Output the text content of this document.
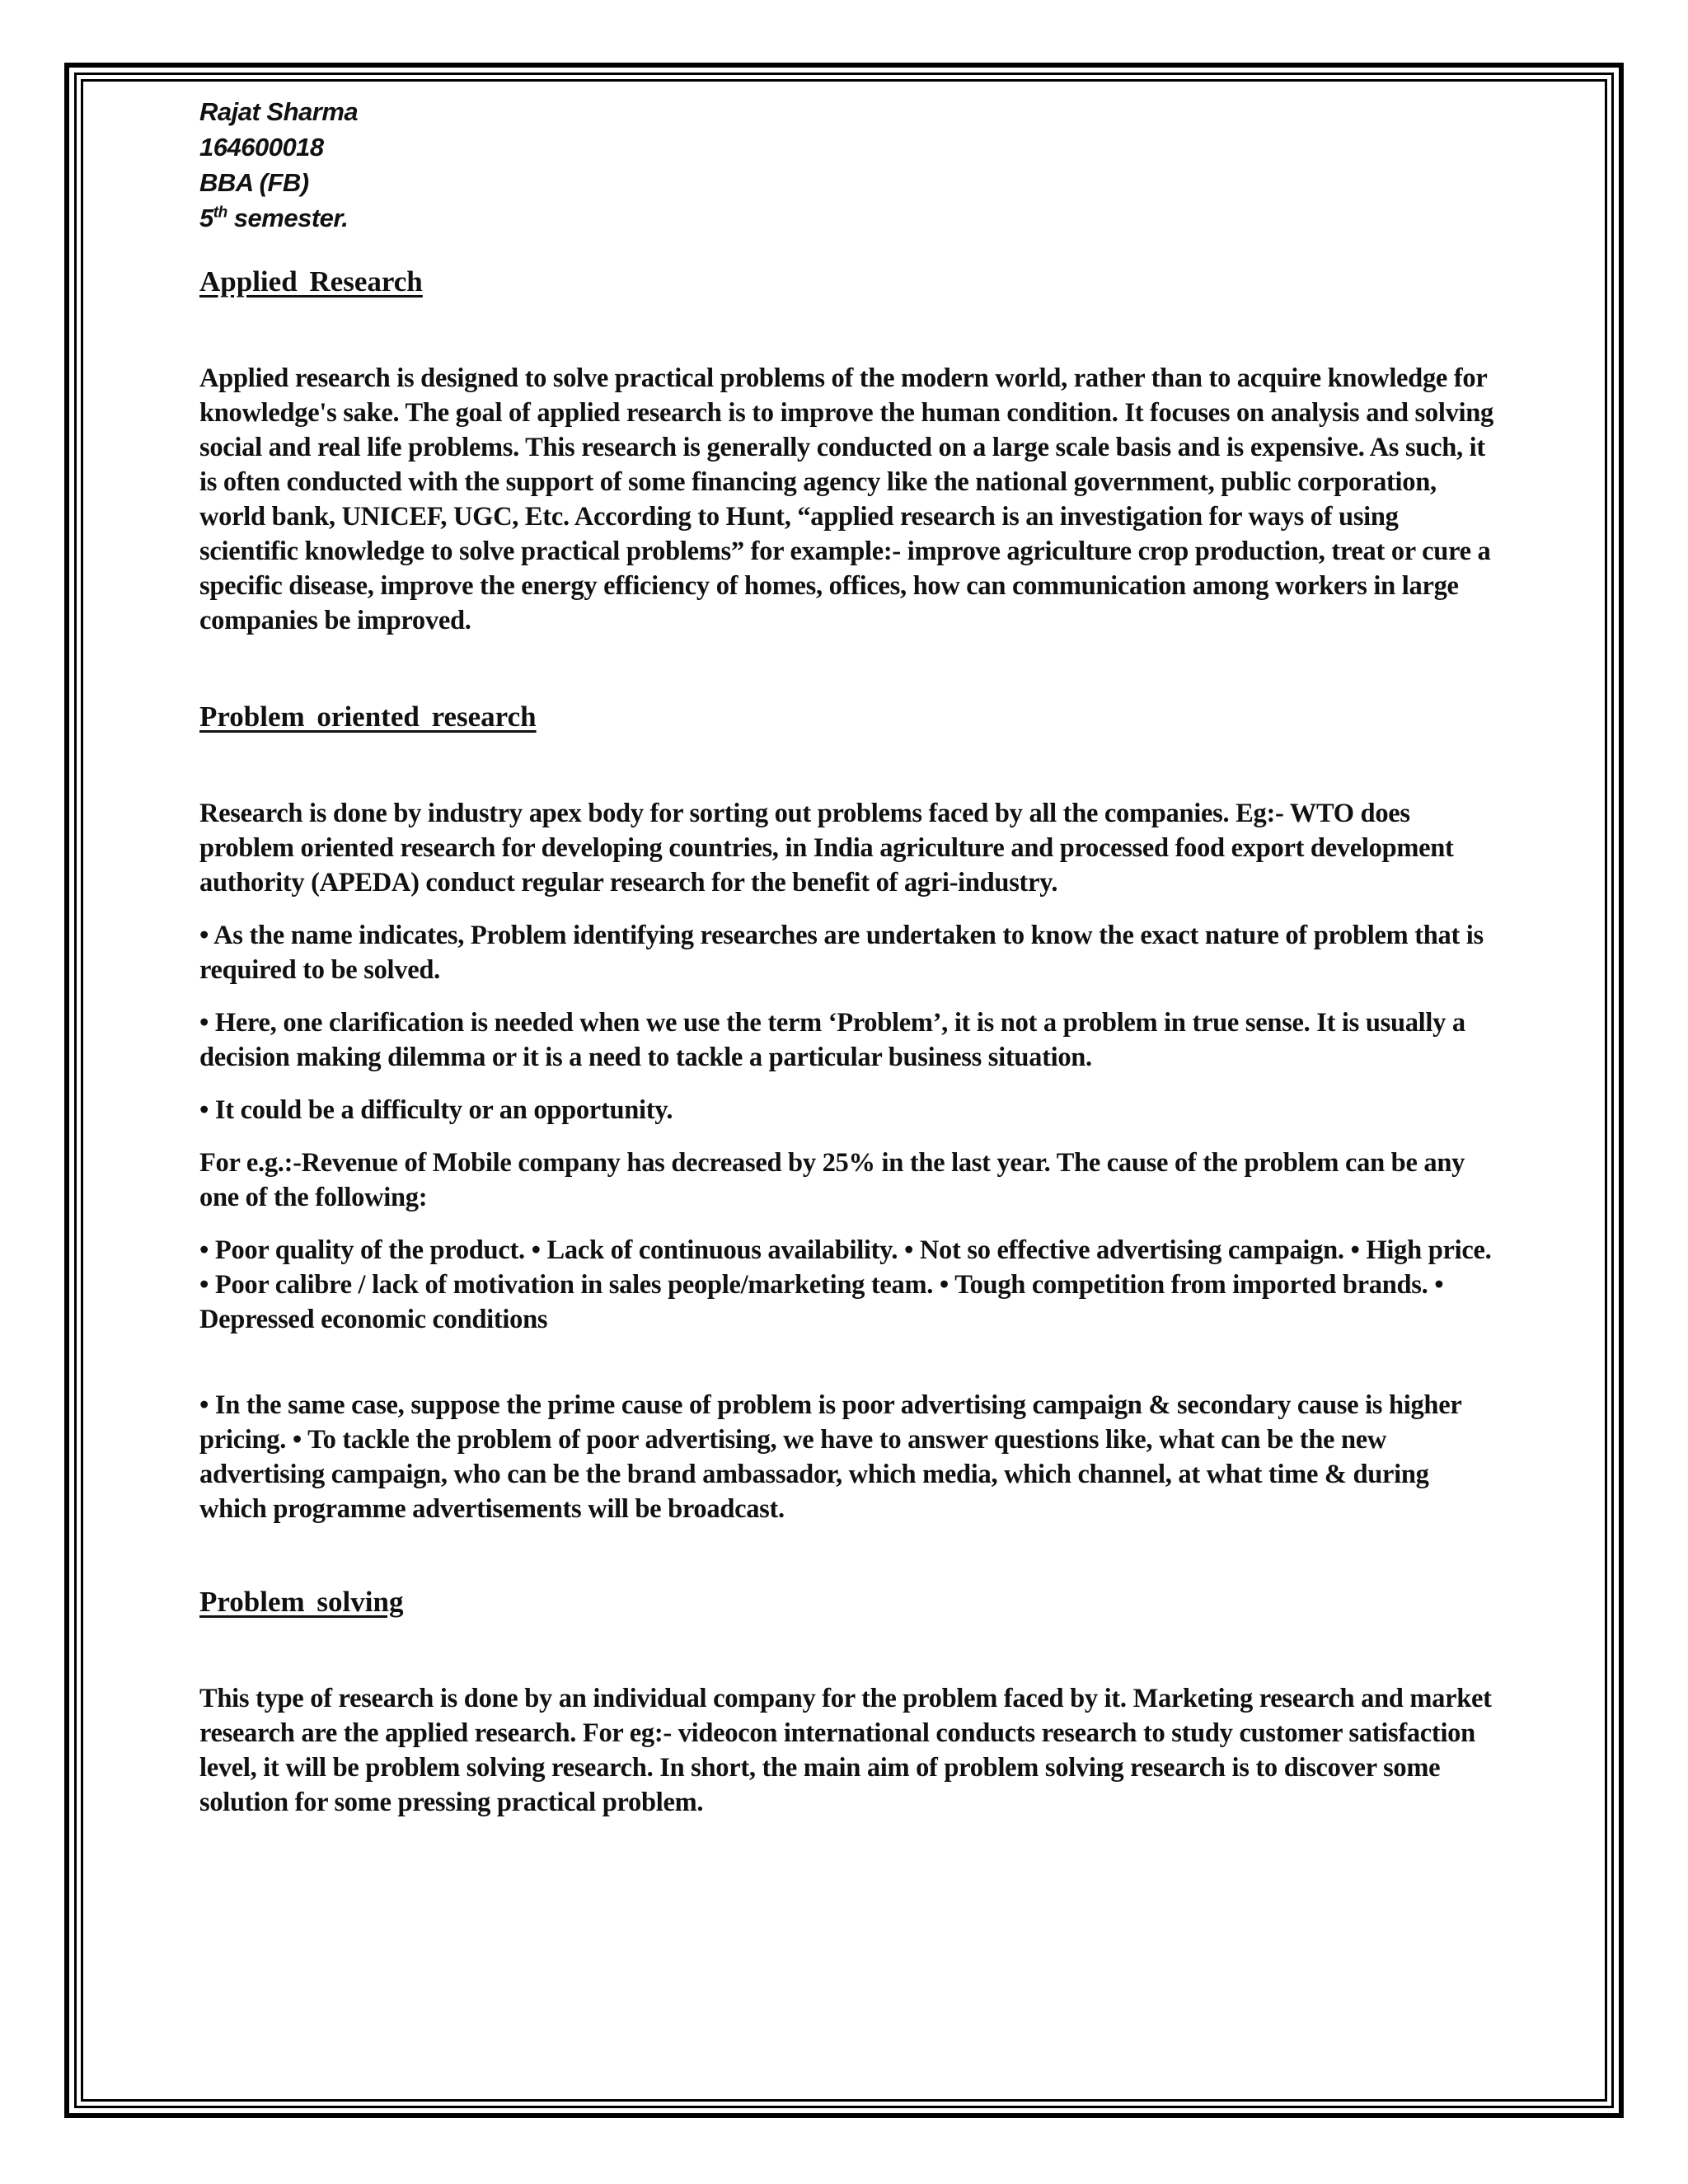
Rajat Sharma
164600018
BBA (FB)
5th semester.
Applied Research

Applied research is designed to solve practical problems of the modern world, rather than to acquire knowledge for knowledge's sake. The goal of applied research is to improve the human condition. It focuses on analysis and solving social and real life problems. This research is generally conducted on a large scale basis and is expensive. As such, it is often conducted with the support of some financing agency like the national government, public corporation, world bank, UNICEF, UGC, Etc. According to Hunt, “applied research is an investigation for ways of using scientific knowledge to solve practical problems” for example:- improve agriculture crop production, treat or cure a specific disease, improve the energy efficiency of homes, offices, how can communication among workers in large companies be improved.

Problem oriented research

Research is done by industry apex body for sorting out problems faced by all the companies. Eg:- WTO does problem oriented research for developing countries, in India agriculture and processed food export development authority (APEDA) conduct regular research for the benefit of agri-industry.

• As the name indicates, Problem identifying researches are undertaken to know the exact nature of problem that is required to be solved.

• Here, one clarification is needed when we use the term ‘Problem’, it is not a problem in true sense. It is usually a decision making dilemma or it is a need to tackle a particular business situation.

• It could be a difficulty or an opportunity.

For e.g.:-Revenue of Mobile company has decreased by 25% in the last year. The cause of the problem can be any one of the following:

• Poor quality of the product. • Lack of continuous availability. • Not so effective advertising campaign. • High price. • Poor calibre / lack of motivation in sales people/marketing team. • Tough competition from imported brands. • Depressed economic conditions

• In the same case, suppose the prime cause of problem is poor advertising campaign & secondary cause is higher pricing. • To tackle the problem of poor advertising, we have to answer questions like, what can be the new advertising campaign, who can be the brand ambassador, which media, which channel, at what time & during which programme advertisements will be broadcast.

Problem solving

This type of research is done by an individual company for the problem faced by it. Marketing research and market research are the applied research. For eg:- videocon international conducts research to study customer satisfaction level, it will be problem solving research. In short, the main aim of problem solving research is to discover some solution for some pressing practical problem.
